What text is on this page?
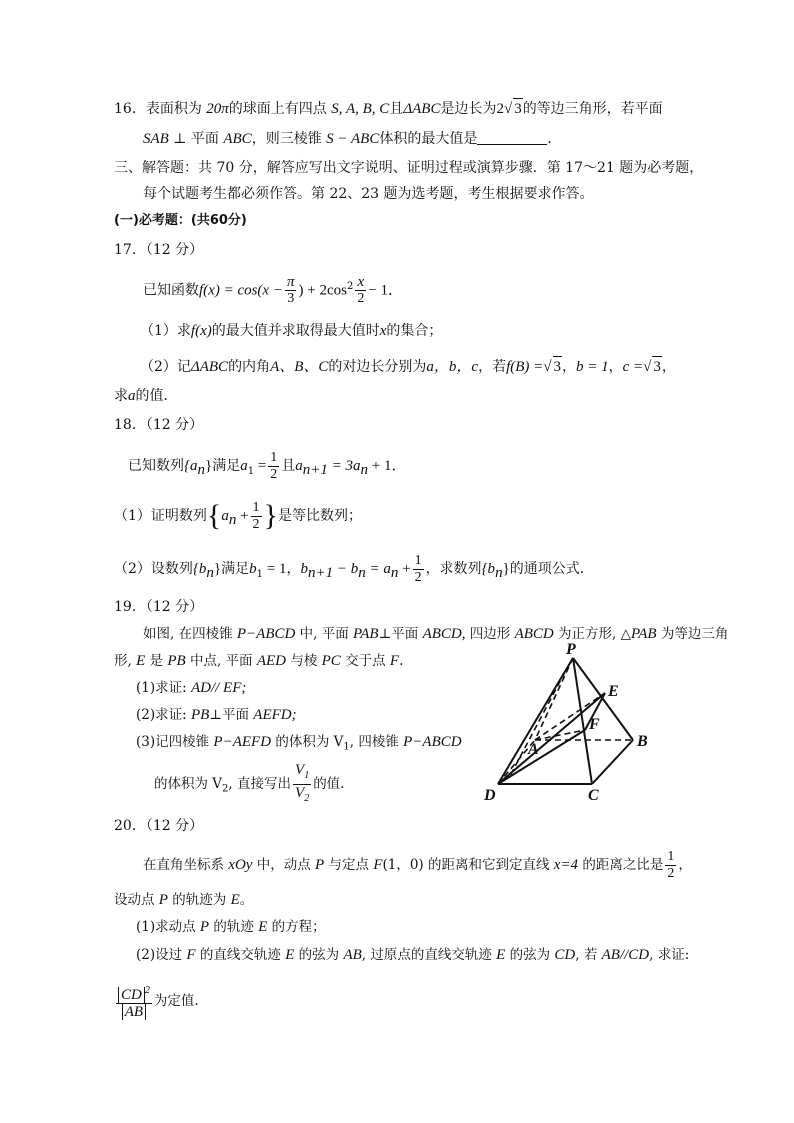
16．表面积为 20π的球面上有四点 S, A, B, C且ΔABC是边长为2√ 3的等边三角形，若平面
SAB ⊥ 平面 ABC，则三棱锥 S − ABC体积的最大值是	．
三、解答题：共 70 分，解答应写出文字说明、证明过程或演算步骤．第 17～21 题为必考题，
每个试题考生都必须作答。第 22、23 题为选考题，考生根据要求作答。
(一)必考题：(共60分)
17．（12 分）
已知函数$f(x) = \cos(x - \frac{\pi}{3}$ ) + $2\cos^2 \frac{x}{2} - 1$．
（1）求f(x)的最大值并求取得最大值时x的集合；
（2）记ΔABC的内角A、B、C的对边长分别为a，b，c，若f(B) =√ 3，b = 1，c =√ 3，
求a的值．
18．（12 分）
已知数列$\{a_n\}$满足$a_1 = \frac{1}{2}$ 且$a_{n+1} = 3a_n + 1$．
（1）证明数列{$a_n + \frac{1}{2}$ }是等比数列；
（2）设数列$\{b_n\}$满足$b_1 = 1$，$b_{n+1} - b_n = a_n + \frac{1}{2}$ ，求数列$\{b_n\}$的通项公式．
19．（12 分）
如图, 在四棱锥 P−ABCD 中, 平面 PAB⊥平面 ABCD, 四边形 ABCD 为正方形, △PAB 为等边三角
形, E 是 PB 中点, 平面 AED 与棱 PC 交于点 F.
(1)求证: AD// EF;
(2)求证: PB⊥平面 AEFD;
(3)记四棱锥 P−AEFD 的体积为 $V_1$, 四棱锥 P−ABCD
的体积为 $V_2$, 直接写出 $\frac{V_1}{V_2}$ 的值.
P
E
F
A	B
D	C
20．（12 分）
在直角坐标系 xOy 中，动点 P 与定点 F(1，0) 的距离和它到定直线 x=4 的距离之比是 $\frac{1}{2}$ ，
设动点 P 的轨迹为 E。
(1)求动点 P 的轨迹 E 的方程；
(2)设过 F 的直线交轨迹 E 的弦为 AB, 过原点的直线交轨迹 E 的弦为 CD, 若 AB//CD, 求证:
$\frac{CD ^2}{AB}$ 为定值.
